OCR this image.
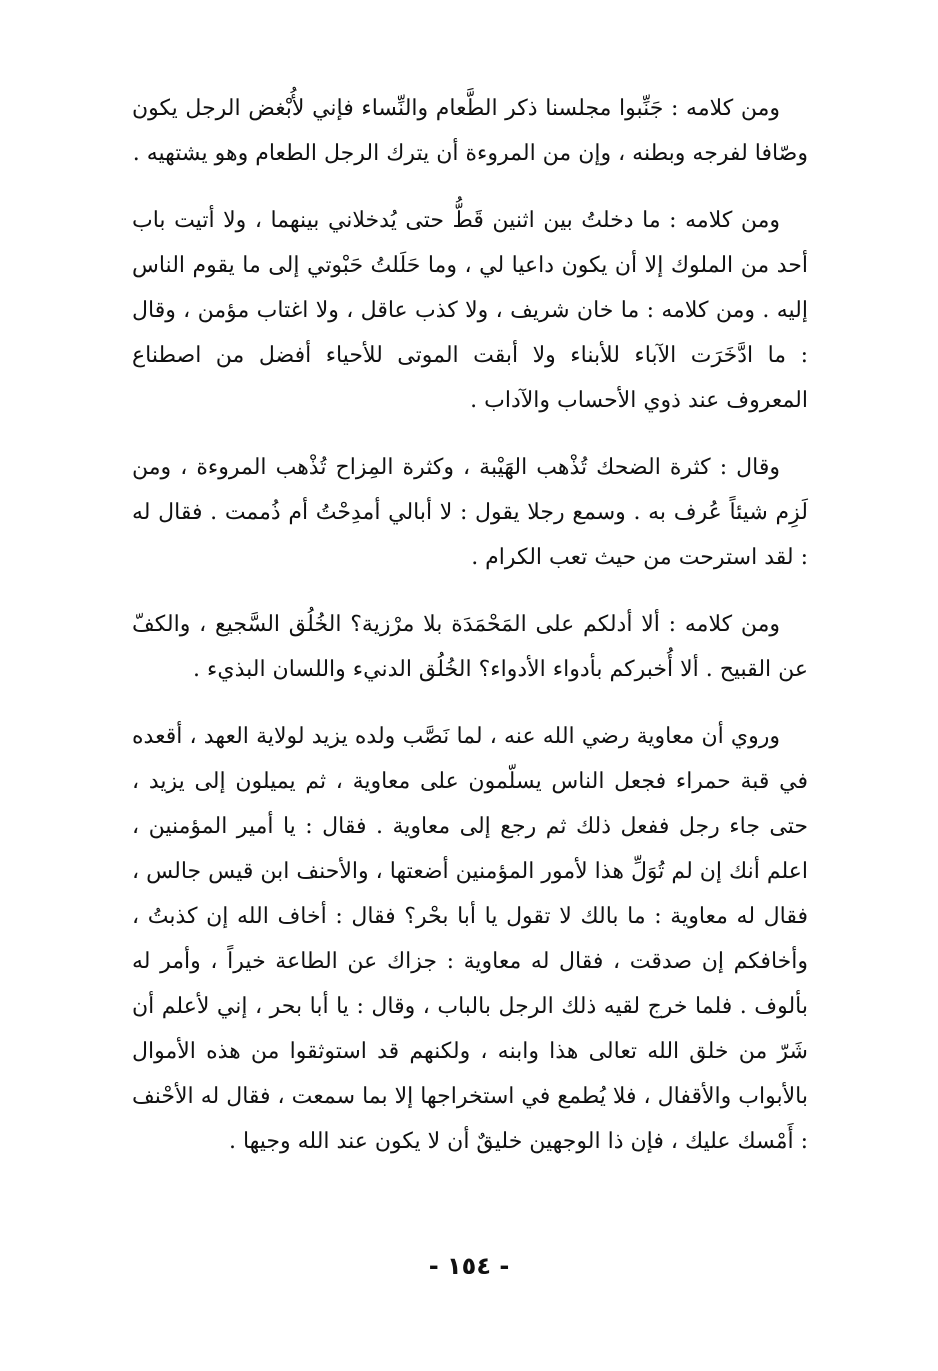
ومن كلامه : جَنِّبوا مجلسنا ذكر الطَّعام والنِّساء فإني لأُبْغض الرجل يكون وصّافا لفرجه وبطنه ، وإن من المروءة أن يترك الرجل الطعام وهو يشتهيه .

ومن كلامه : ما دخلتُ بين اثنين قَطُّ حتى يُدخلاني بينهما ، ولا أتيت باب أحد من الملوك إلا أن يكون داعيا لي ، وما حَلَلتُ حَبْوتي إلى ما يقوم الناس إليه . ومن كلامه : ما خان شريف ، ولا كذب عاقل ، ولا اغتاب مؤمن ، وقال : ما ادَّخَرَت الآباء للأبناء ولا أبقت الموتى للأحياء أفضل من اصطناع المعروف عند ذوي الأحساب والآداب .

وقال : كثرة الضحك تُذْهب الهَيْبة ، وكثرة المِزاح تُذْهب المروءة ، ومن لَزِم شيئاً عُرف به . وسمع رجلا يقول : لا أبالي أمدِحْتُ أم ذُممت . فقال له : لقد استرحت من حيث تعب الكرام .

ومن كلامه : ألا أدلكم على المَحْمَدَة بلا مرْزية؟ الخُلُق السَّجيع ، والكفّ عن القبيح . ألا أُخبركم بأدواء الأدواء؟ الخُلُق الدنيء واللسان البذيء .

وروي أن معاوية رضي الله عنه ، لما نَصَّب ولده يزيد لولاية العهد ، أقعده في قبة حمراء فجعل الناس يسلّمون على معاوية ، ثم يميلون إلى يزيد ، حتى جاء رجل ففعل ذلك ثم رجع إلى معاوية . فقال : يا أمير المؤمنين ، اعلم أنك إن لم تُوَلِّ هذا لأمور المؤمنين أضعتها ، والأحنف ابن قيس جالس ، فقال له معاوية : ما بالك لا تقول يا أبا بحْر؟ فقال : أخاف الله إن كذبتُ ، وأخافكم إن صدقت ، فقال له معاوية : جزاك عن الطاعة خيراً ، وأمر له بألوف . فلما خرج لقيه ذلك الرجل بالباب ، وقال : يا أبا بحر ، إني لأعلم أن شَرّ من خلق الله تعالى هذا وابنه ، ولكنهم قد استوثقوا من هذه الأموال بالأبواب والأقفال ، فلا يُطمع في استخراجها إلا بما سمعت ، فقال له الأحْنف : أَمْسك عليك ، فإن ذا الوجهين خليقٌ أن لا يكون عند الله وجيها .

- ١٥٤ -
